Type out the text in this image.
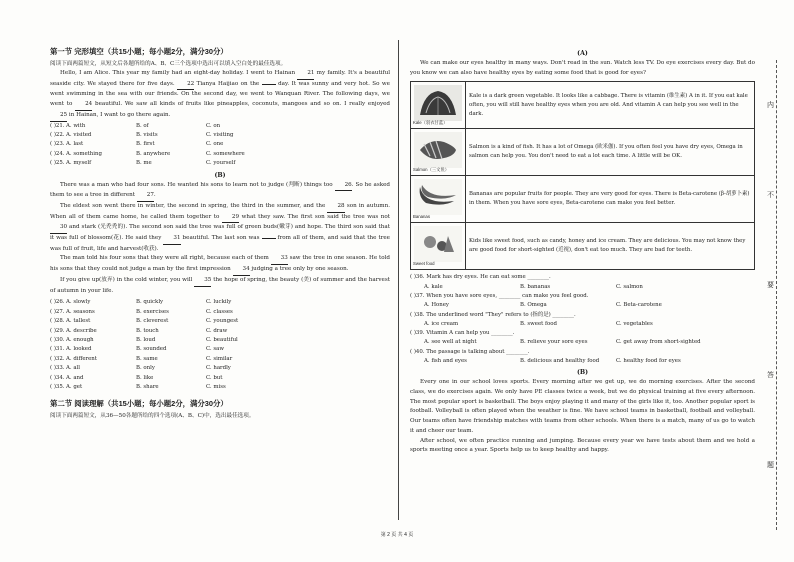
第一节 完形填空（共15小题；每小题2分，满分30分）
阅读下面两篇短文，从短文后各题所给的A、B、C三个选项中选出可以填入空白处的最佳选项。

Hello, I am Alice. This year my family had an eight-day holiday. I went to Hainan 21 my family. It's a beautiful seaside city. We stayed there for five days. 22 Tianya Haijiao on the	day. It was sunny and very hot. So we went swimming in the sea with our friends. On the second day, we went to Wanquan River. The following days, we went to 24 beautiful. We saw all kinds of fruits like pineapples, coconuts, mangoes and so on. I really enjoyed 25 in Hainan, I want to go there again.

( )21. A. with	B. of	C. on
( )22. A. visited	B. visits	C. visiting
( )23. A. last	B. first	C. one
( )24. A. something	B. anywhere	C. somewhere
( )25. A. myself	B. me	C. yourself
(B)

There was a man who had four sons. He wanted his sons to learn not to judge (判断) things too 26. So he asked them to see a tree in different 27.

The eldest son went there in winter, the second in spring, the third in the summer, and the 28 son in autumn. When all of them came home, he called them together to 29 what they saw. The first son said the tree was not 30 and stark (光秃秃的). The second son said the tree was full of green buds(嫩芽) and hope. The third son said that it was full of blossom(花). He said they 31 beautiful. The last son was	from all of them, and said that the tree was full of fruit, life and harvest(收获).

The man told his four sons that they were all right, because each of them 33 saw the tree in one season. He told his sons that they could not judge a man by the first impression 34 judging a tree only by one season.

If you give up(放弃) in the cold winter, you will 35 the hope of spring, the beauty (美) of summer and the harvest of autumn in your life.

( )26. A. slowly	B. quickly	C. luckily
( )27. A. seasons	B. exercises	C. classes
( )28. A. tallest	B. cleverest	C. youngest
( )29. A. describe	B. touch	C. draw
( )30. A. enough	B. loud	C. beautiful
( )31. A. looked	B. sounded	C. saw
( )32. A. different	B. same	C. similar
( )33. A. all	B. only	C. hardly
( )34. A. and	B. like	C. but
( )35. A. get	B. share	C. miss
第二节 阅读理解（共15小题；每小题2分，满分30分）
阅读下面两篇短文，从36—50各题所给的四个选项(A、B、C)中，选出最佳选项。
(A)

We can make our eyes healthy in many ways. Don't read in the sun. Watch less TV. Do eye exercises every day. But do you know we can also have healthy eyes by eating some food that is good for eyes?

Kale（羽衣甘蓝）	Kale is a dark green vegetable. It looks like a cabbage. There is vitamin (维生素) A in it. If you eat kale often, you will still have healthy eyes when you are old. And vitamin A can help you see well in the dark.

Salmon（三文鱼）	Salmon is a kind of fish. It has a lot of Omega (欧米伽). If you often feel you have dry eyes, Omega in salmon can help you. You don't need to eat a lot each time. A little will be OK.

Bananas	Bananas are popular fruits for people. They are very good for eyes. There is Beta-carotene (β-胡萝卜素) in them. When you have sore eyes, Beta-carotene can make you feel better.

Sweet food	Kids like sweet food, such as candy, honey and ice cream. They are delicious. You may not know they are good food for short-sighted (近视), don't eat too much. They are bad for teeth.
( )36. Mark has dry eyes. He can eat some ________.
A. kale	B. bananas	C. salmon
( )37. When you have sore eyes, ________ can make you feel good.
A. Honey	B. Omega	C. Beta-carotene
( )38. The underlined word "They" refers to (指的是) ________.
A. ice cream	B. sweet food	C. vegetables
( )39. Vitamin A can help you ________.
A. see well at night	B. relieve your sore eyes	C. get away from short-sighted
( )40. The passage is talking about ________.
A. fish and eyes	B. delicious and healthy food	C. healthy food for eyes
(B)

Every one in our school loves sports. Every morning after we get up, we do morning exercises. After the second class, we do exercises again. We only have PE classes twice a week, but we do physical training at five every afternoon. The most popular sport is basketball. The boys enjoy playing it and many of the girls like it, too. Another popular sport is football. Volleyball is often played when the weather is fine. We have school teams in basketball, football and volleyball. Our teams often have friendship matches with teams from other schools. When there is a match, many of us go to watch it and cheer our team.

After school, we often practice running and jumping. Because every year we have tests about them and we hold a sports meeting once a year. Sports help us to keep healthy and happy.

内
不
要
答
题
第 2 页 共 4 页
